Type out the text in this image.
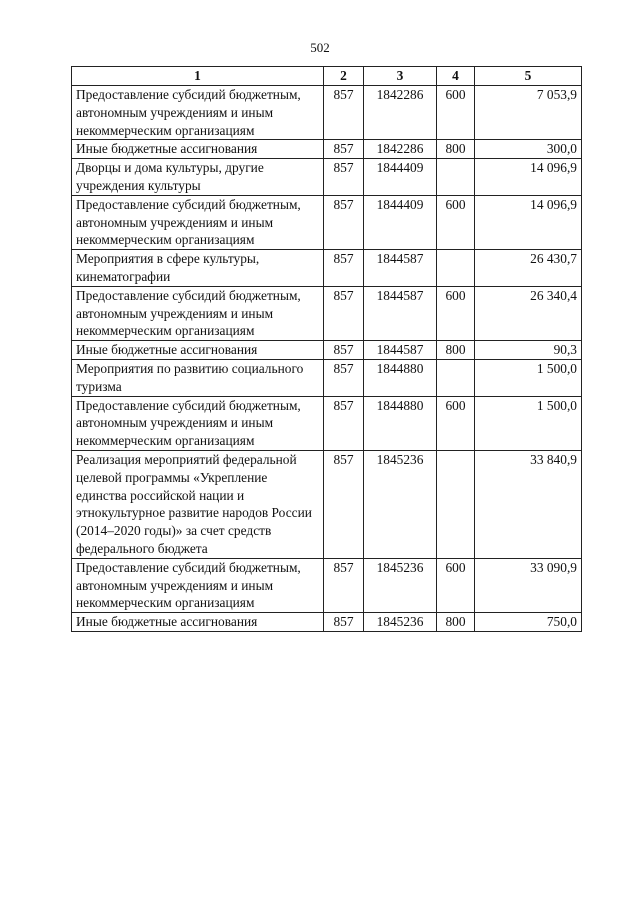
502
1	2	3	4	5
Предоставление субсидий бюджетным, автономным учреждениям и иным некоммерческим организациям	857	1842286	600	7 053,9
Иные бюджетные ассигнования	857	1842286	800	300,0
Дворцы и дома культуры, другие учреждения культуры	857	1844409		14 096,9
Предоставление субсидий бюджетным, автономным учреждениям и иным некоммерческим организациям	857	1844409	600	14 096,9
Мероприятия в сфере культуры, кинематографии	857	1844587		26 430,7
Предоставление субсидий бюджетным, автономным учреждениям и иным некоммерческим организациям	857	1844587	600	26 340,4
Иные бюджетные ассигнования	857	1844587	800	90,3
Мероприятия по развитию социального туризма	857	1844880		1 500,0
Предоставление субсидий бюджетным, автономным учреждениям и иным некоммерческим организациям	857	1844880	600	1 500,0
Реализация мероприятий федеральной целевой программы «Укрепление единства российской нации и этнокультурное развитие народов России (2014–2020 годы)» за счет средств федерального бюджета	857	1845236		33 840,9
Предоставление субсидий бюджетным, автономным учреждениям и иным некоммерческим организациям	857	1845236	600	33 090,9
Иные бюджетные ассигнования	857	1845236	800	750,0
